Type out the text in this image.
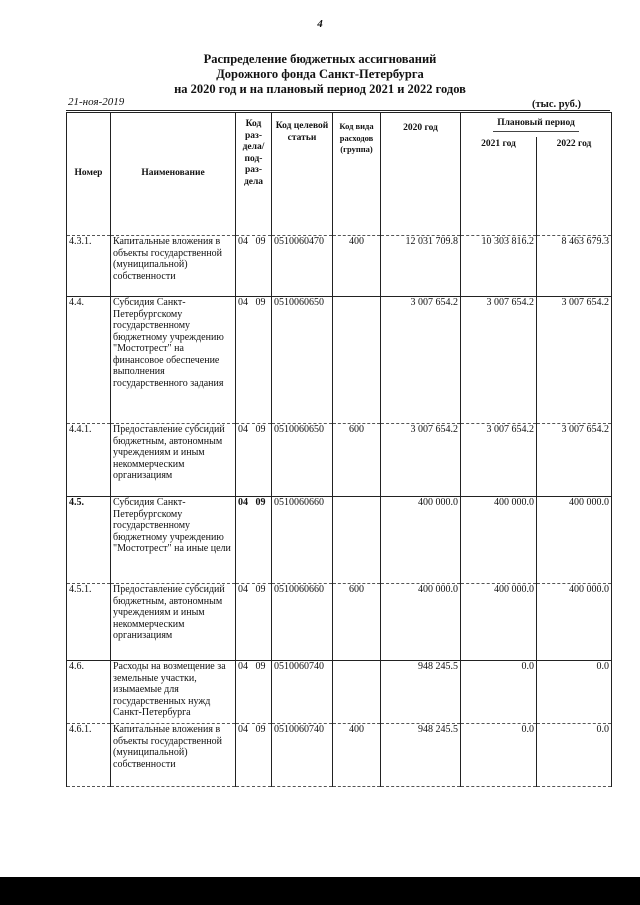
4
Распределение бюджетных ассигнований
Дорожного фонда Санкт-Петербурга
на 2020 год и на плановый период 2021 и 2022 годов
21-ноя-2019	(тыс. руб.)
Номер	Наименование	Код раз-дела/ под-раз-дела	Код целевой статьи	Код вида расходов (группа)	2020 год	Плановый период	
						2021 год	2022 год
4.3.1.	Капитальные вложения в объекты государственной (муниципальной) собственности	04 09	0510060470	400	12 031 709.8	10 303 816.2	8 463 679.3
4.4.	Субсидия Санкт-Петербургскому государственному бюджетному учреждению "Мостотрест" на финансовое обеспечение выполнения государственного задания	04 09	0510060650		3 007 654.2	3 007 654.2	3 007 654.2
4.4.1.	Предоставление субсидий бюджетным, автономным учреждениям и иным некоммерческим организациям	04 09	0510060650	600	3 007 654.2	3 007 654.2	3 007 654.2
4.5.	Субсидия Санкт-Петербургскому государственному бюджетному учреждению "Мостотрест" на иные цели	04 09	0510060660		400 000.0	400 000.0	400 000.0
4.5.1.	Предоставление субсидий бюджетным, автономным учреждениям и иным некоммерческим организациям	04 09	0510060660	600	400 000.0	400 000.0	400 000.0
4.6.	Расходы на возмещение за земельные участки, изымаемые для государственных нужд Санкт-Петербурга	04 09	0510060740		948 245.5	0.0	0.0
4.6.1.	Капитальные вложения в объекты государственной (муниципальной) собственности	04 09	0510060740	400	948 245.5	0.0	0.0
